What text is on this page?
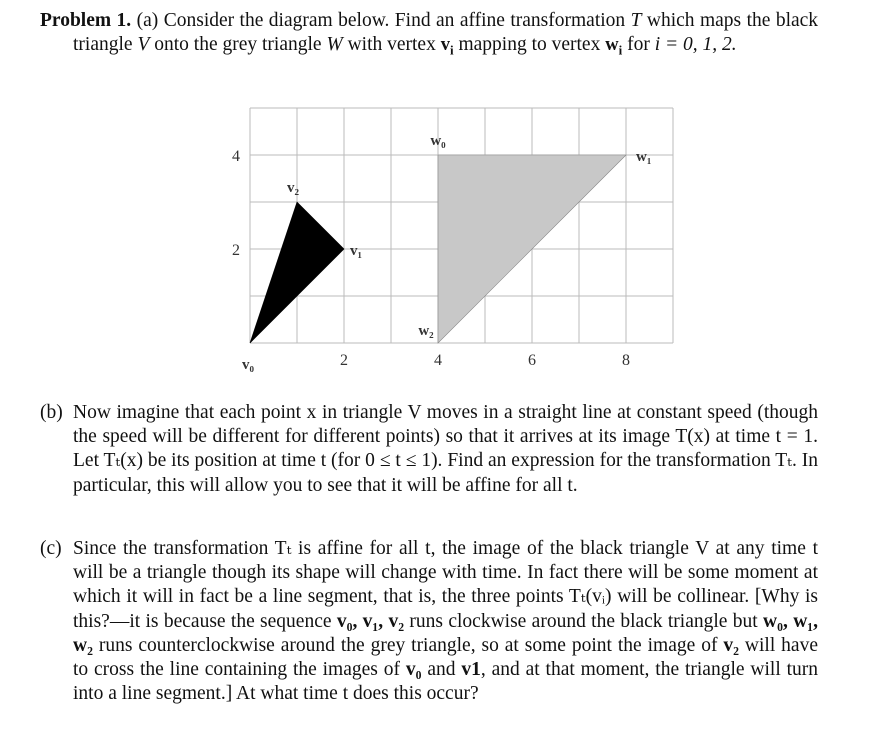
Problem 1. (a) Consider the diagram below. Find an affine transformation T which maps the black triangle V onto the grey triangle W with vertex $v_i$ mapping to vertex $w_i$ for i = 0, 1, 2.
2	4	6	8
2
4
v₀
v₁
v₂
w₀
w₁
w₂
(b) Now imagine that each point x in triangle V moves in a straight line at constant speed (though the speed will be different for different points) so that it arrives at its image T(x) at time t = 1. Let Tₜ(x) be its position at time t (for 0 ≤ t ≤ 1). Find an expression for the transformation Tₜ. In particular, this will allow you to see that it will be affine for all t.
(c) Since the transformation Tₜ is affine for all t, the image of the black triangle V at any time t will be a triangle though its shape will change with time. In fact there will be some moment at which it will in fact be a line segment, that is, the three points Tₜ(vᵢ) will be collinear. [Why is this?—it is because the sequence v₀, v₁, v₂ runs clockwise around the black triangle but w₀, w₁, w₂ runs counterclockwise around the grey triangle, so at some point the image of v₂ will have to cross the line containing the images of v₀ and v1, and at that moment, the triangle will turn into a line segment.] At what time t does this occur?
